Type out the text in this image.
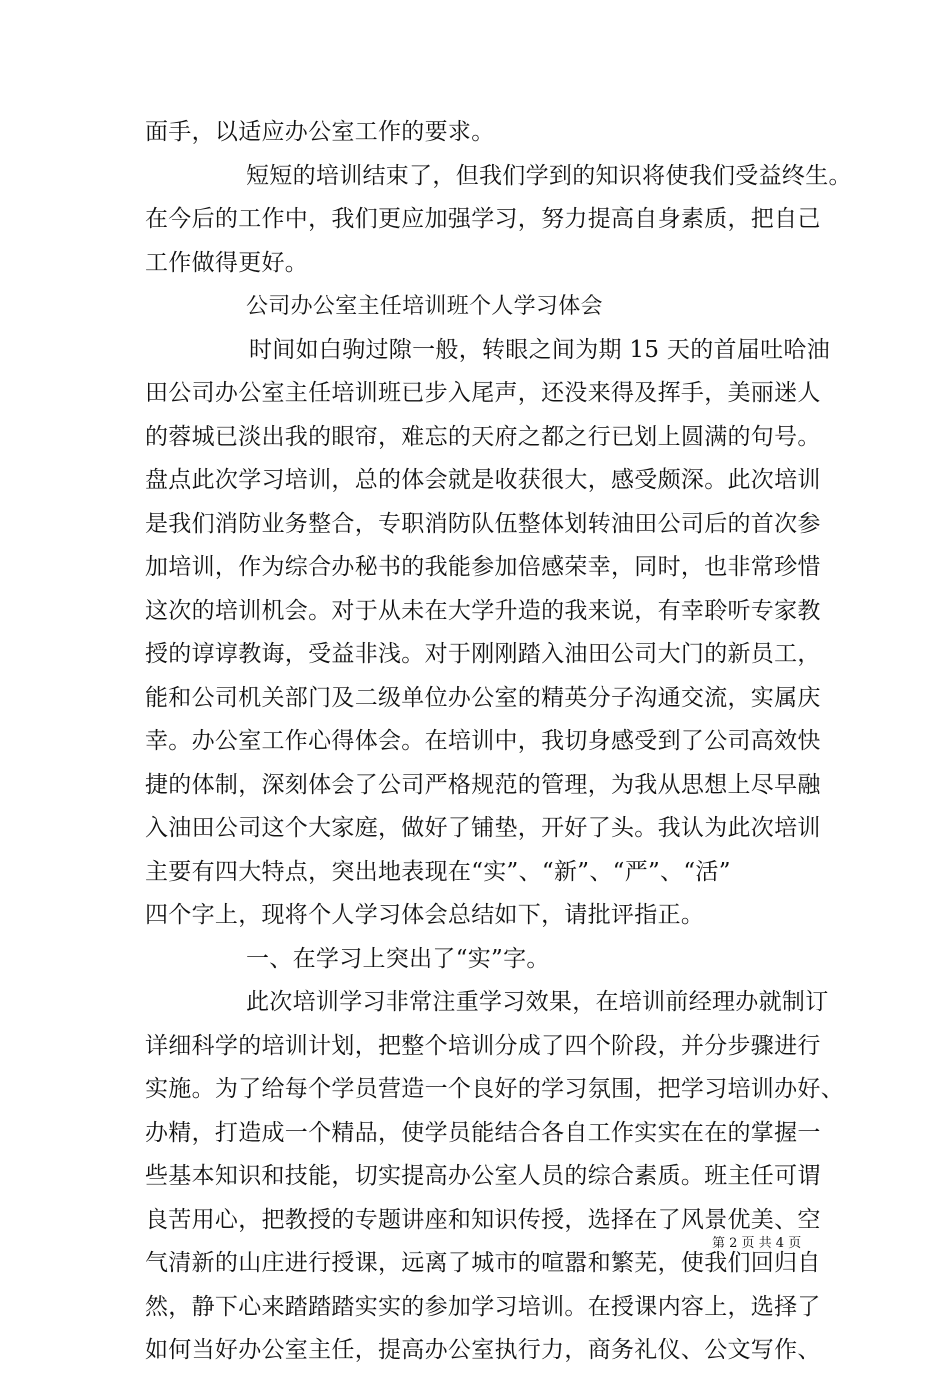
面手，以适应办公室工作的要求。
短短的培训结束了，但我们学到的知识将使我们受益终生。
在今后的工作中，我们更应加强学习，努力提高自身素质，把自己
工作做得更好。
公司办公室主任培训班个人学习体会
时间如白驹过隙一般，转眼之间为期 15 天的首届吐哈油
田公司办公室主任培训班已步入尾声，还没来得及挥手，美丽迷人
的蓉城已淡出我的眼帘，难忘的天府之都之行已划上圆满的句号。
盘点此次学习培训，总的体会就是收获很大，感受颇深。此次培训
是我们消防业务整合，专职消防队伍整体划转油田公司后的首次参
加培训，作为综合办秘书的我能参加倍感荣幸，同时，也非常珍惜
这次的培训机会。对于从未在大学升造的我来说，有幸聆听专家教
授的谆谆教诲，受益非浅。对于刚刚踏入油田公司大门的新员工，
能和公司机关部门及二级单位办公室的精英分子沟通交流，实属庆
幸。办公室工作心得体会。在培训中，我切身感受到了公司高效快
捷的体制，深刻体会了公司严格规范的管理，为我从思想上尽早融
入油田公司这个大家庭，做好了铺垫，开好了头。我认为此次培训
主要有四大特点，突出地表现在“实”、“新”、“严”、“活”
四个字上，现将个人学习体会总结如下，请批评指正。
一、在学习上突出了“实”字。
此次培训学习非常注重学习效果，在培训前经理办就制订
详细科学的培训计划，把整个培训分成了四个阶段，并分步骤进行
实施。为了给每个学员营造一个良好的学习氛围，把学习培训办好、
办精，打造成一个精品，使学员能结合各自工作实实在在的掌握一
些基本知识和技能，切实提高办公室人员的综合素质。班主任可谓
良苦用心，把教授的专题讲座和知识传授，选择在了风景优美、空
气清新的山庄进行授课，远离了城市的喧嚣和繁芜，使我们回归自
然，静下心来踏踏踏实实的参加学习培训。在授课内容上，选择了
如何当好办公室主任，提高办公室执行力，商务礼仪、公文写作、
第 2 页 共 4 页
